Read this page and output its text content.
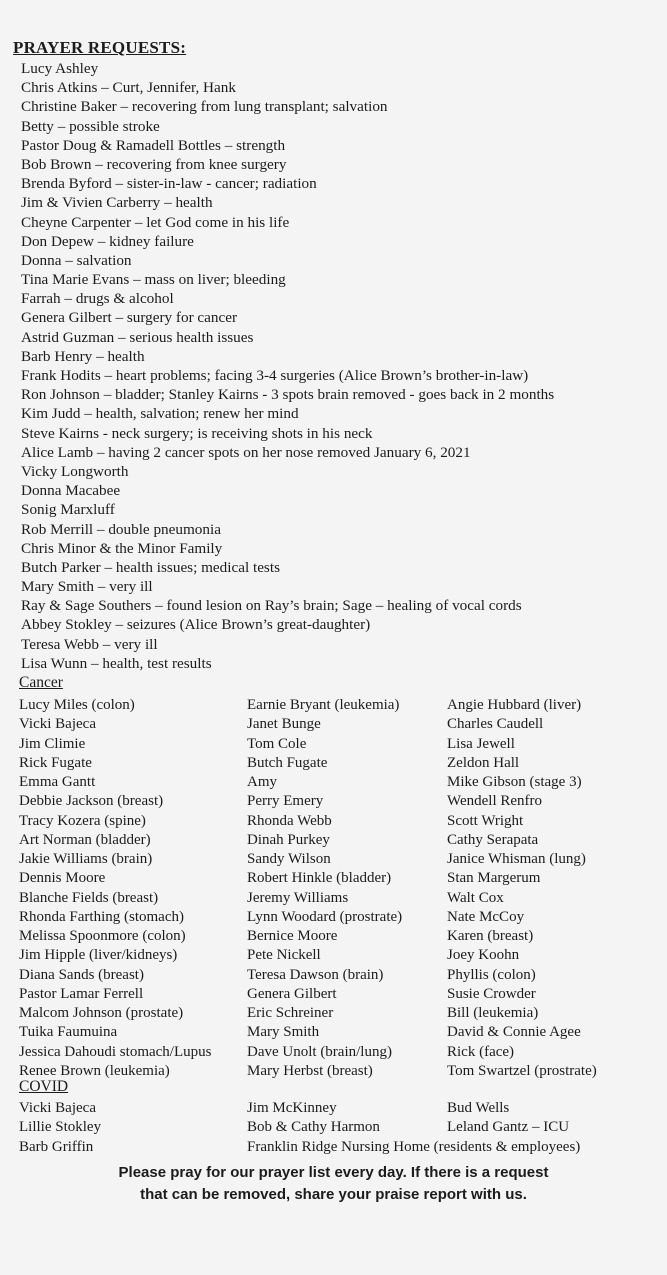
PRAYER REQUESTS:
Lucy Ashley
Chris Atkins – Curt, Jennifer, Hank
Christine Baker – recovering from lung transplant; salvation
Betty – possible stroke
Pastor Doug & Ramadell Bottles – strength
Bob Brown – recovering from knee surgery
Brenda Byford – sister-in-law - cancer; radiation
Jim & Vivien Carberry – health
Cheyne Carpenter – let God come in his life
Don Depew – kidney failure
Donna – salvation
Tina Marie Evans – mass on liver; bleeding
Farrah – drugs & alcohol
Genera Gilbert – surgery for cancer
Astrid Guzman – serious health issues
Barb Henry – health
Frank Hodits – heart problems; facing 3-4 surgeries (Alice Brown’s brother-in-law)
Ron Johnson – bladder; Stanley Kairns - 3 spots brain removed - goes back in 2 months
Kim Judd – health, salvation; renew her mind
Steve Kairns - neck surgery; is receiving shots in his neck
Alice Lamb – having 2 cancer spots on her nose removed January 6, 2021
Vicky Longworth
Donna Macabee
Sonig Marxluff
Rob Merrill – double pneumonia
Chris Minor & the Minor Family
Butch Parker – health issues; medical tests
Mary Smith – very ill
Ray & Sage Southers – found lesion on Ray’s brain; Sage – healing of vocal cords
Abbey Stokley – seizures (Alice Brown’s great-daughter)
Teresa Webb – very ill
Lisa Wunn – health, test results
Cancer
Lucy Miles (colon)	Earnie Bryant (leukemia)	Angie Hubbard (liver)
Vicki Bajeca	Janet Bunge	Charles Caudell
Jim Climie	Tom Cole	Lisa Jewell
Rick Fugate	Butch Fugate	Zeldon Hall
Emma Gantt	Amy	Mike Gibson (stage 3)
Debbie Jackson (breast)	Perry Emery	Wendell Renfro
Tracy Kozera (spine)	Rhonda Webb	Scott Wright
Art Norman (bladder)	Dinah Purkey	Cathy Serapata
Jakie Williams (brain)	Sandy Wilson	Janice Whisman (lung)
Dennis Moore	Robert Hinkle (bladder)	Stan Margerum
Blanche Fields (breast)	Jeremy Williams	Walt Cox
Rhonda Farthing (stomach)	Lynn Woodard (prostrate)	Nate McCoy
Melissa Spoonmore (colon)	Bernice Moore	Karen (breast)
Jim Hipple (liver/kidneys)	Pete Nickell	Joey Koohn
Diana Sands (breast)	Teresa Dawson (brain)	Phyllis (colon)
Pastor Lamar Ferrell	Genera Gilbert	Susie Crowder
Malcom Johnson (prostate)	Eric Schreiner	Bill (leukemia)
Tuika Faumuina	Mary Smith	David & Connie Agee
Jessica Dahoudi stomach/Lupus	Dave Unolt (brain/lung)	Rick (face)
Renee Brown (leukemia)	Mary Herbst (breast)	Tom Swartzel (prostrate)
COVID
Vicki Bajeca	Jim McKinney	Bud Wells
Lillie Stokley	Bob & Cathy Harmon	Leland Gantz – ICU
Barb Griffin	Franklin Ridge Nursing Home (residents & employees)
Please pray for our prayer list every day. If there is a request
that can be removed, share your praise report with us.
